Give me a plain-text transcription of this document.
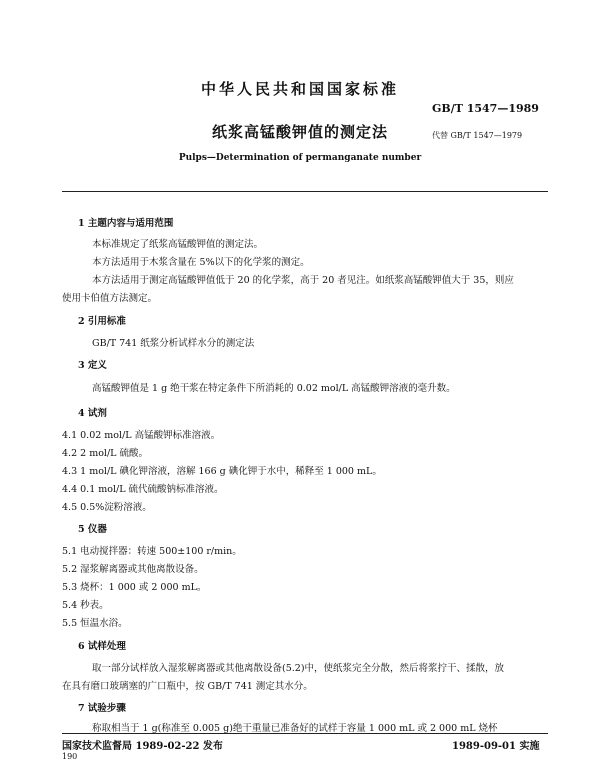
中华人民共和国国家标准
GB/T 1547—1989
纸浆高锰酸钾值的测定法	代替 GB/T 1547—1979
Pulps—Determination of permanganate number
1 主题内容与适用范围
本标准规定了纸浆高锰酸钾值的测定法。
本方法适用于木浆含量在 5%以下的化学浆的测定。
本方法适用于测定高锰酸钾值低于 20 的化学浆，高于 20 者见注。如纸浆高锰酸钾值大于 35，则应
使用卡伯值方法测定。
2 引用标准
GB/T 741 纸浆分析试样水分的测定法
3 定义
高锰酸钾值是 1 g 绝干浆在特定条件下所消耗的 0.02 mol/L 高锰酸钾溶液的毫升数。
4 试剂
4.1 0.02 mol/L 高锰酸钾标准溶液。
4.2 2 mol/L 硫酸。
4.3 1 mol/L 碘化钾溶液，溶解 166 g 碘化钾于水中，稀释至 1 000 mL。
4.4 0.1 mol/L 硫代硫酸钠标准溶液。
4.5 0.5%淀粉溶液。
5 仪器
5.1 电动搅拌器：转速 500±100 r/min。
5.2 湿浆解离器或其他离散设备。
5.3 烧杯：1 000 或 2 000 mL。
5.4 秒表。
5.5 恒温水浴。
6 试样处理
取一部分试样放入湿浆解离器或其他离散设备(5.2)中，使纸浆完全分散，然后将浆拧干、揉散，放
在具有磨口玻璃塞的广口瓶中，按 GB/T 741 测定其水分。
7 试验步骤
称取相当于 1 g(称准至 0.005 g)绝干重量已准备好的试样于容量 1 000 mL 或 2 000 mL 烧杯
国家技术监督局 1989-02-22 发布	1989-09-01 实施
190
